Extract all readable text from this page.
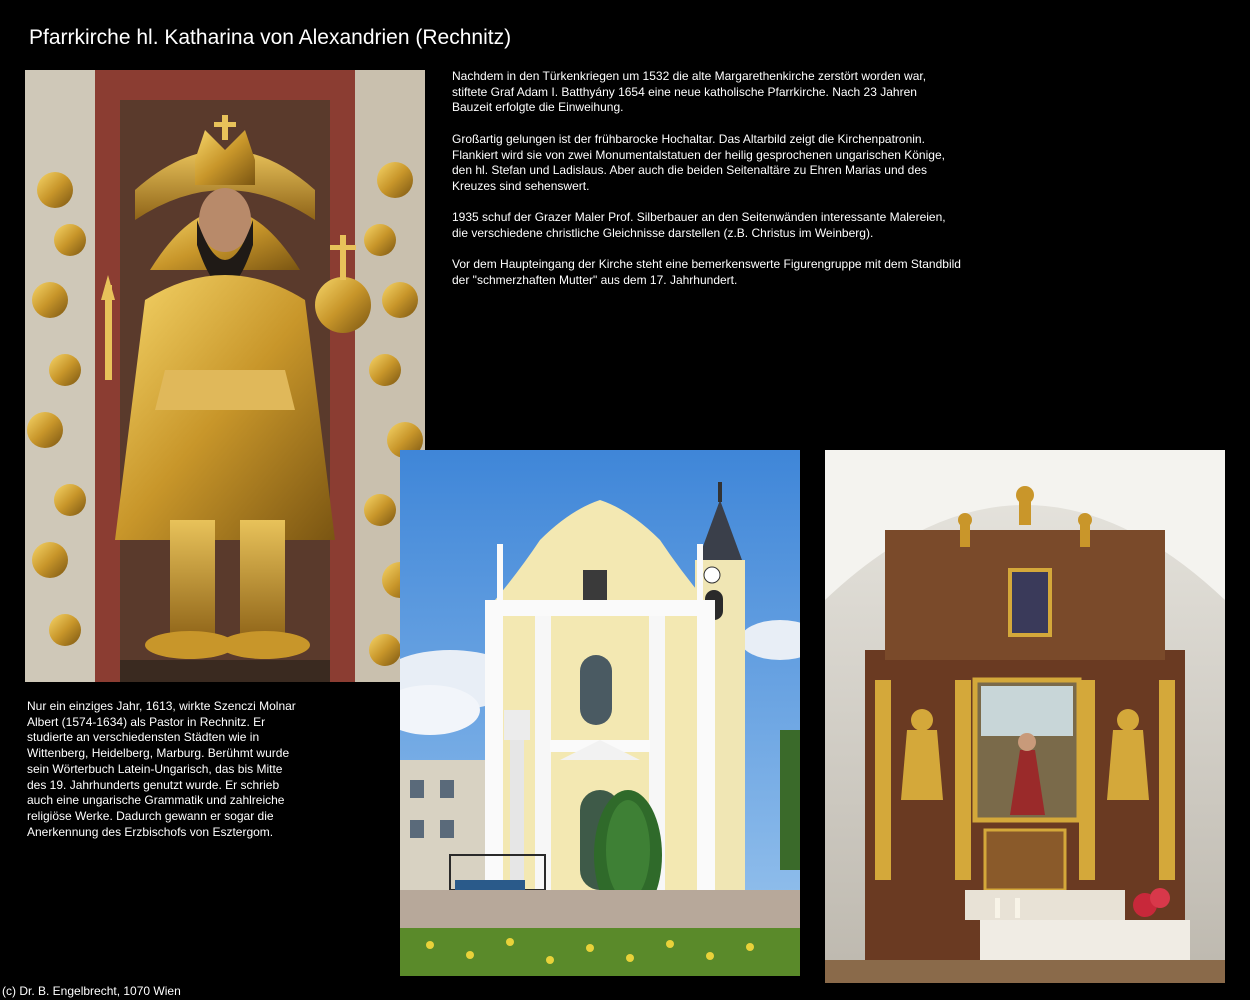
Pfarrkirche hl. Katharina von Alexandrien (Rechnitz)

Nachdem in den Türkenkriegen um 1532 die alte Margarethenkirche zerstört worden war,
stiftete Graf Adam I. Batthyány 1654 eine neue katholische Pfarrkirche. Nach 23 Jahren
Bauzeit erfolgte die Einweihung.

Großartig gelungen ist der frühbarocke Hochaltar. Das Altarbild zeigt die Kirchenpatronin.
Flankiert wird sie von zwei Monumentalstatuen der heilig gesprochenen ungarischen Könige,
den hl. Stefan und Ladislaus. Aber auch die beiden Seitenaltäre zu Ehren Marias und des
Kreuzes sind sehenswert.

1935 schuf der Grazer Maler Prof. Silberbauer an den Seitenwänden interessante Malereien,
die verschiedene christliche Gleichnisse darstellen (z.B. Christus im Weinberg).

Vor dem Haupteingang der Kirche steht eine bemerkenswerte Figurengruppe mit dem Standbild
der "schmerzhaften Mutter" aus dem 17. Jahrhundert.

Nur ein einziges Jahr, 1613, wirkte Szenczi Molnar
Albert (1574-1634) als Pastor in Rechnitz. Er
studierte an verschiedensten Städten wie in
Wittenberg, Heidelberg, Marburg. Berühmt wurde
sein Wörterbuch Latein-Ungarisch, das bis Mitte
des 19. Jahrhunderts genutzt wurde. Er schrieb
auch eine ungarische Grammatik und zahlreiche
religiöse Werke. Dadurch gewann er sogar die
Anerkennung des Erzbischofs von Esztergom.
(c) Dr. B. Engelbrecht, 1070 Wien
